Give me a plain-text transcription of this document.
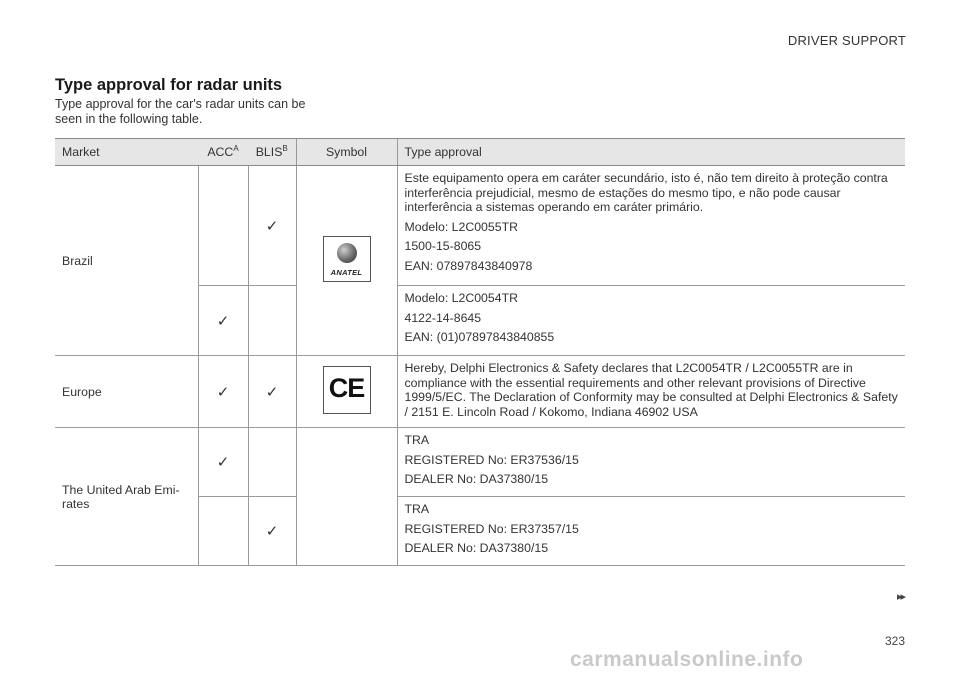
DRIVER SUPPORT
Type approval for radar units

Type approval for the car's radar units can be seen in the following table.

Market	$ACC^A$	$BLIS^B$	Symbol	Type approval
Brazil		✓	ANATEL	Este equipamento opera em caráter secundário, isto é, não tem direito à proteção contra interferência prejudicial, mesmo de estações do mesmo tipo, e não pode causar interferência a sistemas operando em caráter primário.

Modelo: L2C0055TR

1500-15-8065

EAN: 07897843840978

	✓			Modelo: L2C0054TR

4122-14-8645

EAN: (01)07897843840855

Europe	✓	✓	CE	Hereby, Delphi Electronics & Safety declares that L2C0054TR / L2C0055TR are in compliance with the essential requirements and other relevant provisions of Directive 1999/5/EC. The Declaration of Conformity may be consulted at Delphi Electronics & Safety / 2151 E. Lincoln Road / Kokomo, Indiana 46902 USA

The United Arab Emi-rates	✓			TRA

REGISTERED No: ER37536/15

DEALER No: DA37380/15

		✓		TRA

REGISTERED No: ER37357/15

DEALER No: DA37380/15

▸▸
323
carmanualsonline.info
